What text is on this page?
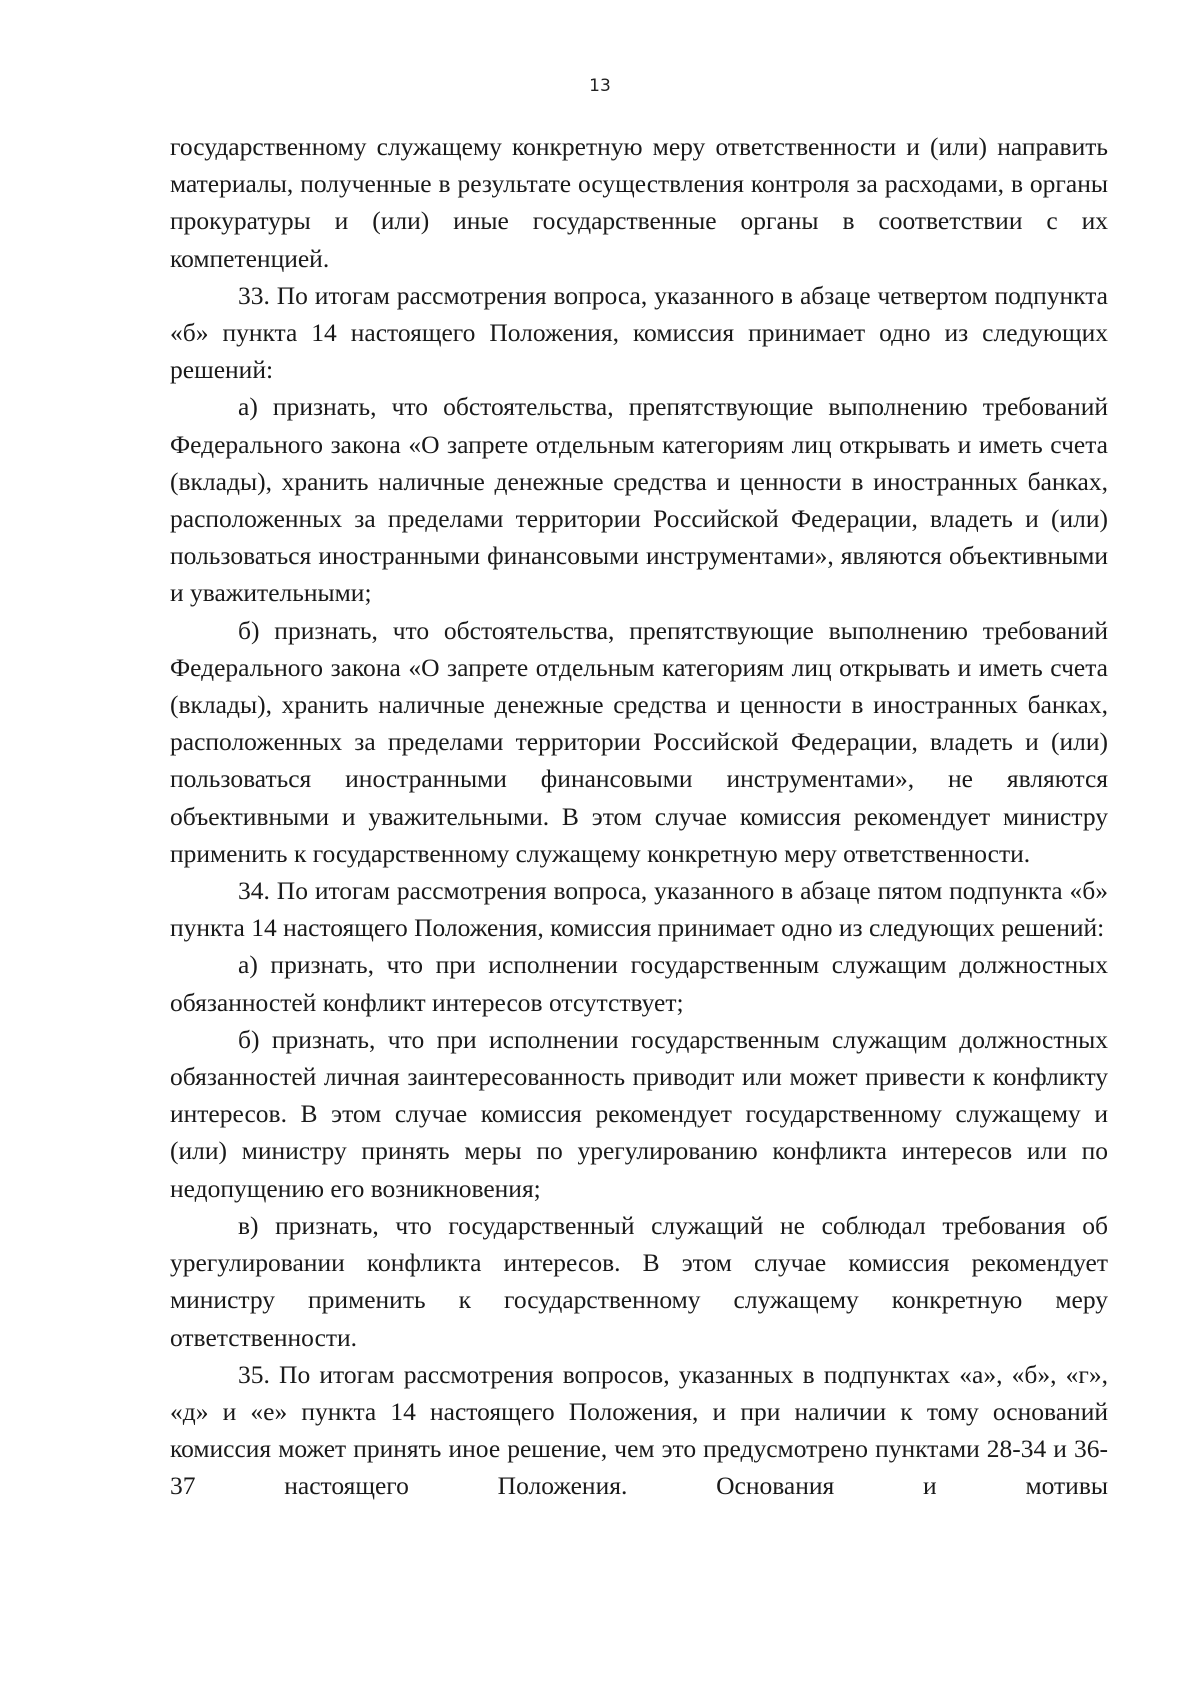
13

государственному служащему конкретную меру ответственности и (или) направить материалы, полученные в результате осуществления контроля за расходами, в органы прокуратуры и (или) иные государственные органы в соответствии с их компетенцией.

33. По итогам рассмотрения вопроса, указанного в абзаце четвертом подпункта «б» пункта 14 настоящего Положения, комиссия принимает одно из следующих решений:

а) признать, что обстоятельства, препятствующие выполнению требований Федерального закона «О запрете отдельным категориям лиц открывать и иметь счета (вклады), хранить наличные денежные средства и ценности в иностранных банках, расположенных за пределами территории Российской Федерации, владеть и (или) пользоваться иностранными финансовыми инструментами», являются объективными и уважительными;

б) признать, что обстоятельства, препятствующие выполнению требований Федерального закона «О запрете отдельным категориям лиц открывать и иметь счета (вклады), хранить наличные денежные средства и ценности в иностранных банках, расположенных за пределами территории Российской Федерации, владеть и (или) пользоваться иностранными финансовыми инструментами», не являются объективными и уважительными. В этом случае комиссия рекомендует министру применить к государственному служащему конкретную меру ответственности.

34. По итогам рассмотрения вопроса, указанного в абзаце пятом подпункта «б» пункта 14 настоящего Положения, комиссия принимает одно из следующих решений:

а) признать, что при исполнении государственным служащим должностных обязанностей конфликт интересов отсутствует;

б) признать, что при исполнении государственным служащим должностных обязанностей личная заинтересованность приводит или может привести к конфликту интересов. В этом случае комиссия рекомендует государственному служащему и (или) министру принять меры по урегулированию конфликта интересов или по недопущению его возникновения;

в) признать, что государственный служащий не соблюдал требования об урегулировании конфликта интересов. В этом случае комиссия рекомендует министру применить к государственному служащему конкретную меру ответственности.

35. По итогам рассмотрения вопросов, указанных в подпунктах «а», «б», «г», «д» и «е» пункта 14 настоящего Положения, и при наличии к тому оснований комиссия может принять иное решение, чем это предусмотрено пунктами 28-34 и 36-37 настоящего Положения. Основания и мотивы
